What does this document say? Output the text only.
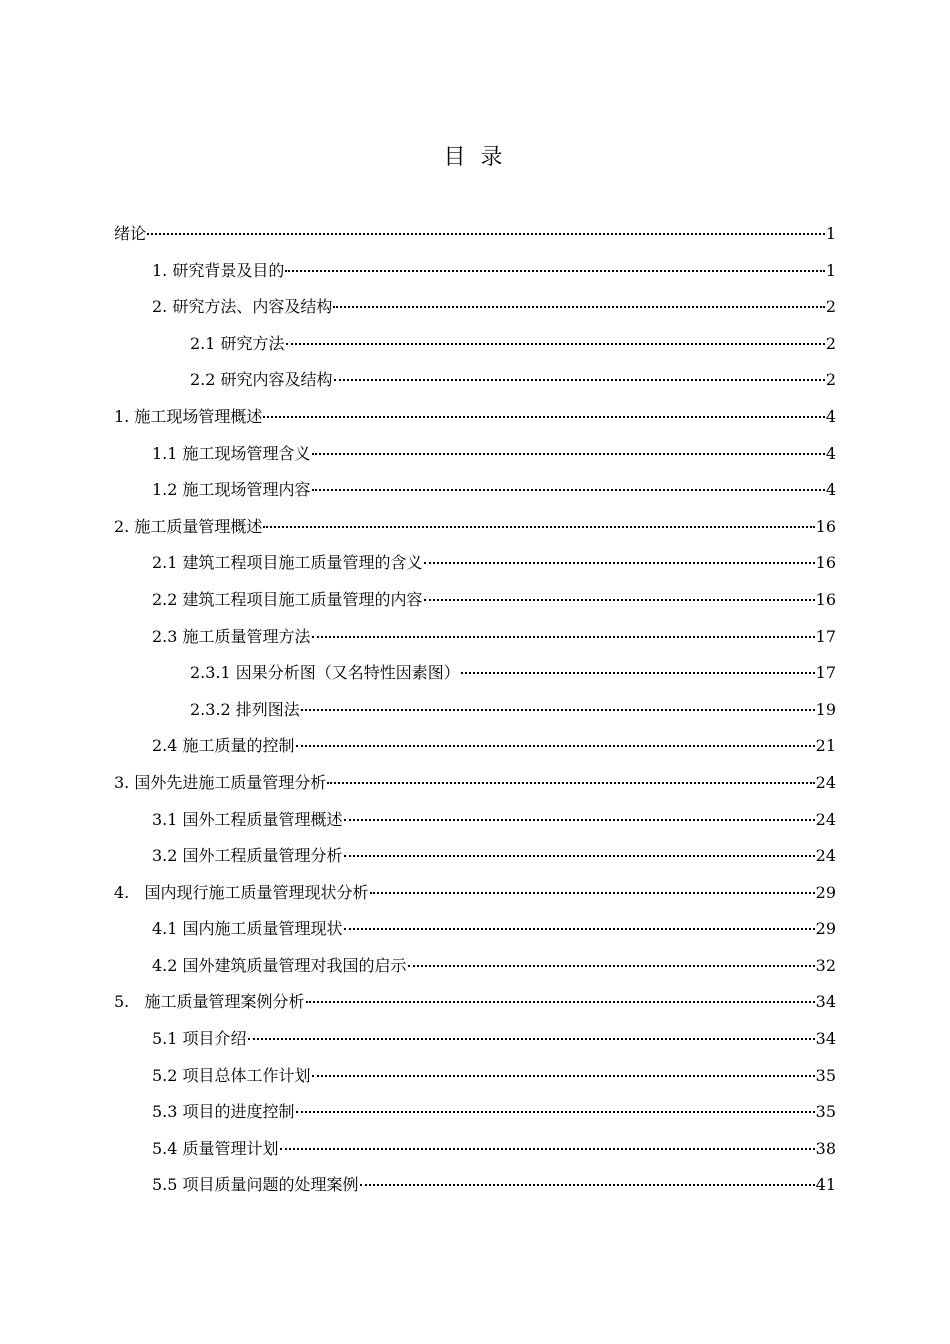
目 录
绪论	1
1. 研究背景及目的	1
2. 研究方法、内容及结构	2
2.1 研究方法	2
2.2 研究内容及结构	2
1. 施工现场管理概述	4
1.1 施工现场管理含义	4
1.2 施工现场管理内容	4
2. 施工质量管理概述	16
2.1 建筑工程项目施工质量管理的含义	16
2.2 建筑工程项目施工质量管理的内容	16
2.3 施工质量管理方法	17
2.3.1 因果分析图（又名特性因素图）	17
2.3.2 排列图法	19
2.4 施工质量的控制	21
3. 国外先进施工质量管理分析	24
3.1 国外工程质量管理概述	24
3.2 国外工程质量管理分析	24
4.   国内现行施工质量管理现状分析	29
4.1 国内施工质量管理现状	29
4.2 国外建筑质量管理对我国的启示	32
5.   施工质量管理案例分析	34
5.1 项目介绍	34
5.2 项目总体工作计划	35
5.3 项目的进度控制	35
5.4 质量管理计划	38
5.5 项目质量问题的处理案例	41
